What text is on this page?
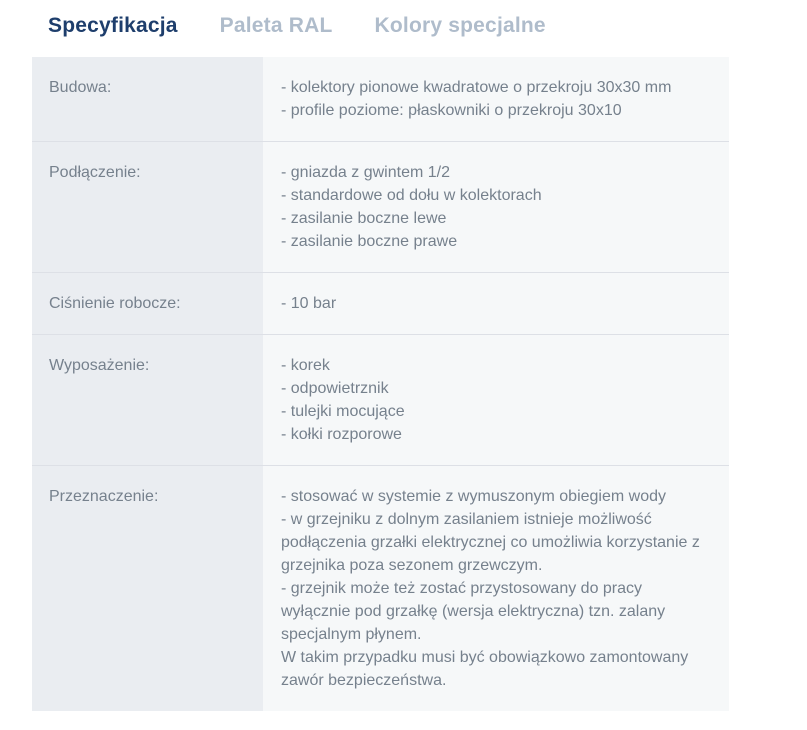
Specyfikacja Paleta RAL Kolory specjalne
Budowa:	- kolektory pionowe kwadratowe o przekroju 30x30 mm
- profile poziome: płaskowniki o przekroju 30x10
Podłączenie:	- gniazda z gwintem 1/2
- standardowe od dołu w kolektorach
- zasilanie boczne lewe
- zasilanie boczne prawe
Ciśnienie robocze:	- 10 bar
Wyposażenie:	- korek
- odpowietrznik
- tulejki mocujące
- kołki rozporowe
Przeznaczenie:	- stosować w systemie z wymuszonym obiegiem wody
- w grzejniku z dolnym zasilaniem istnieje możliwość podłączenia grzałki elektrycznej co umożliwia korzystanie z grzejnika poza sezonem grzewczym.
- grzejnik może też zostać przystosowany do pracy wyłącznie pod grzałkę (wersja elektryczna) tzn. zalany specjalnym płynem.
W takim przypadku musi być obowiązkowo zamontowany zawór bezpieczeństwa.
